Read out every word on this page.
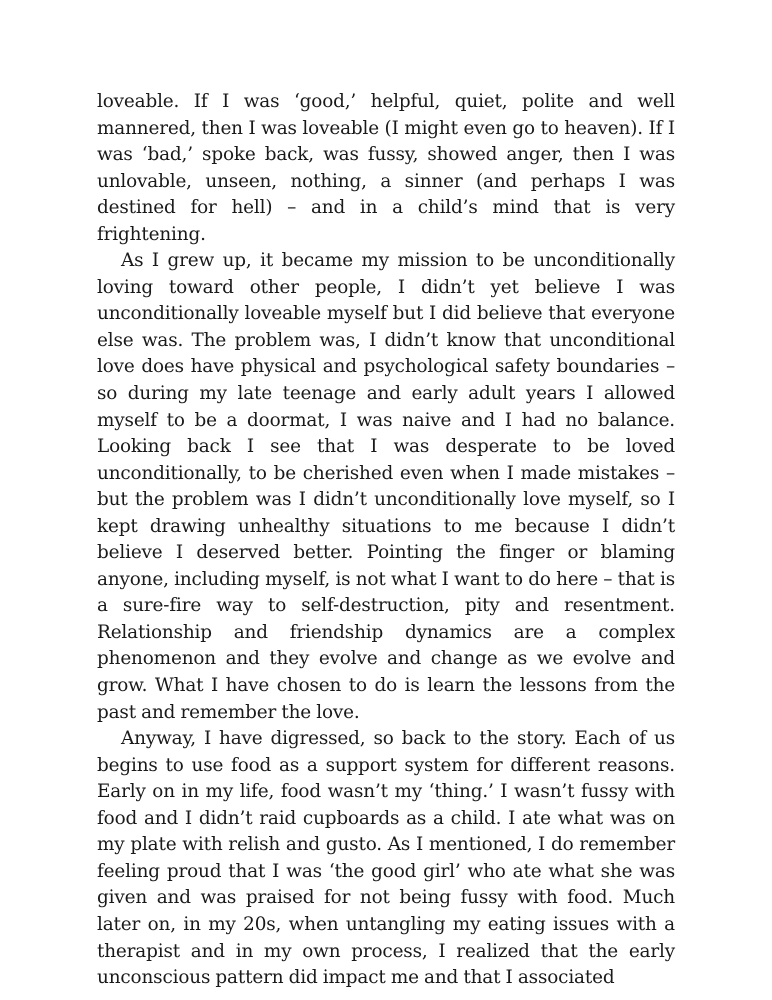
loveable. If I was ‘good,’ helpful, quiet, polite and well mannered, then I was loveable (I might even go to heaven). If I was ‘bad,’ spoke back, was fussy, showed anger, then I was unlovable, unseen, nothing, a sinner (and perhaps I was destined for hell) – and in a child’s mind that is very frightening.

As I grew up, it became my mission to be unconditionally loving toward other people, I didn’t yet believe I was unconditionally loveable myself but I did believe that everyone else was. The problem was, I didn’t know that unconditional love does have physical and psychological safety boundaries – so during my late teenage and early adult years I allowed myself to be a doormat, I was naive and I had no balance. Looking back I see that I was desperate to be loved unconditionally, to be cherished even when I made mistakes – but the problem was I didn’t unconditionally love myself, so I kept drawing unhealthy situations to me because I didn’t believe I deserved better. Pointing the finger or blaming anyone, including myself, is not what I want to do here – that is a sure-fire way to self-destruction, pity and resentment. Relationship and friendship dynamics are a complex phenomenon and they evolve and change as we evolve and grow. What I have chosen to do is learn the lessons from the past and remember the love.

Anyway, I have digressed, so back to the story. Each of us begins to use food as a support system for different reasons. Early on in my life, food wasn’t my ‘thing.’ I wasn’t fussy with food and I didn’t raid cupboards as a child. I ate what was on my plate with relish and gusto. As I mentioned, I do remember feeling proud that I was ‘the good girl’ who ate what she was given and was praised for not being fussy with food. Much later on, in my 20s, when untangling my eating issues with a therapist and in my own process, I realized that the early unconscious pattern did impact me and that I associated
